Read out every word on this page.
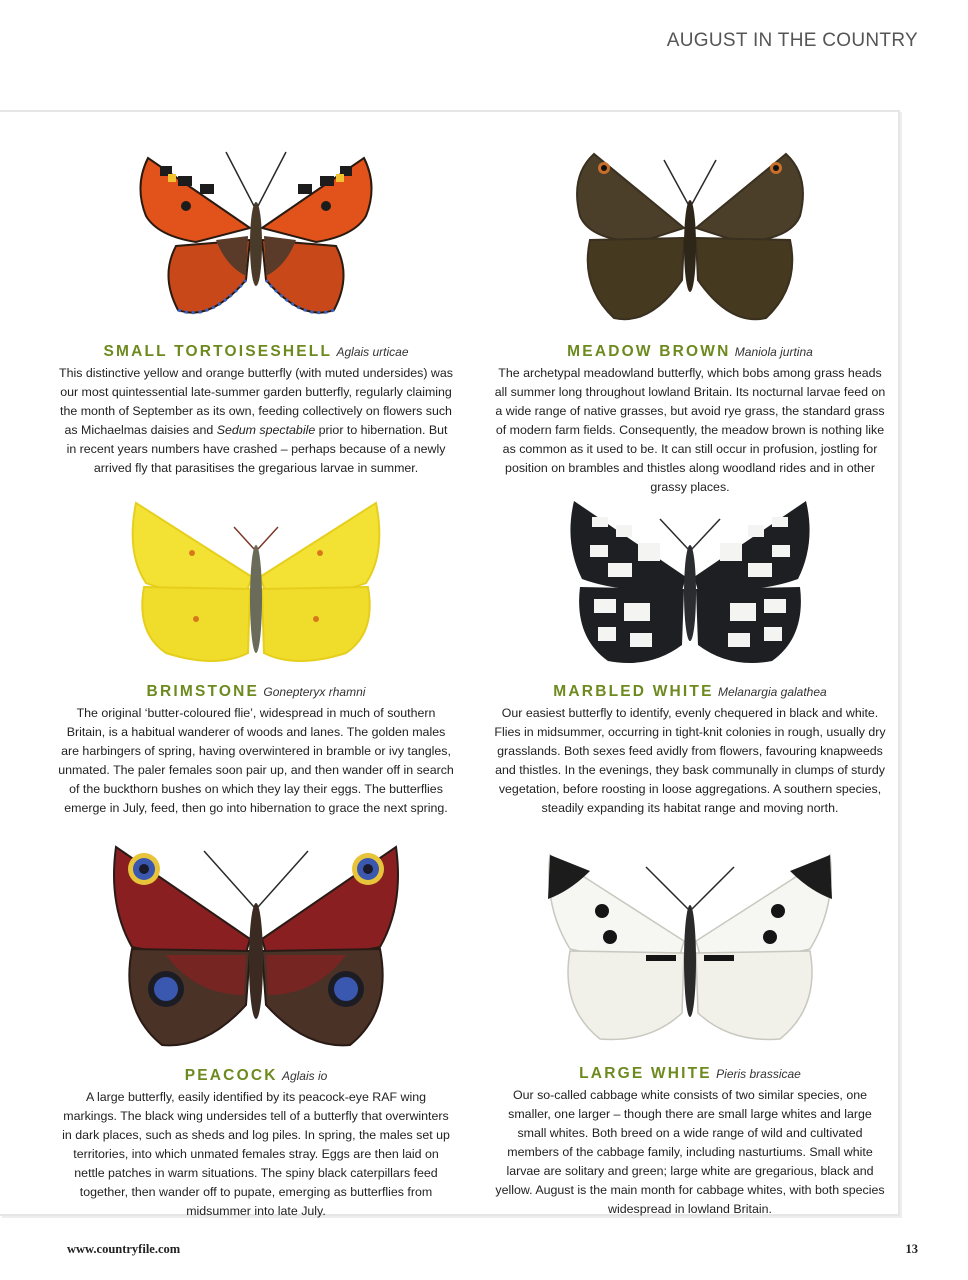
AUGUST IN THE COUNTRY
SMALL TORTOISESHELL Aglais urticae

This distinctive yellow and orange butterfly (with muted undersides) was our most quintessential late-summer garden butterfly, regularly claiming the month of September as its own, feeding collectively on flowers such as Michaelmas daisies and Sedum spectabile prior to hibernation. But in recent years numbers have crashed – perhaps because of a newly arrived fly that parasitises the gregarious larvae in summer.

MEADOW BROWN Maniola jurtina

The archetypal meadowland butterfly, which bobs among grass heads all summer long throughout lowland Britain. Its nocturnal larvae feed on a wide range of native grasses, but avoid rye grass, the standard grass of modern farm fields. Consequently, the meadow brown is nothing like as common as it used to be. It can still occur in profusion, jostling for position on brambles and thistles along woodland rides and in other grassy places.

BRIMSTONE Gonepteryx rhamni

The original ‘butter-coloured flie’, widespread in much of southern Britain, is a habitual wanderer of woods and lanes. The golden males are harbingers of spring, having overwintered in bramble or ivy tangles, unmated. The paler females soon pair up, and then wander off in search of the buckthorn bushes on which they lay their eggs. The butterflies emerge in July, feed, then go into hibernation to grace the next spring.

MARBLED WHITE Melanargia galathea

Our easiest butterfly to identify, evenly chequered in black and white. Flies in midsummer, occurring in tight-knit colonies in rough, usually dry grasslands. Both sexes feed avidly from flowers, favouring knapweeds and thistles. In the evenings, they bask communally in clumps of sturdy vegetation, before roosting in loose aggregations. A southern species, steadily expanding its habitat range and moving north.

PEACOCK Aglais io

A large butterfly, easily identified by its peacock-eye RAF wing markings. The black wing undersides tell of a butterfly that overwinters in dark places, such as sheds and log piles. In spring, the males set up territories, into which unmated females stray. Eggs are then laid on nettle patches in warm situations. The spiny black caterpillars feed together, then wander off to pupate, emerging as butterflies from midsummer into late July.

LARGE WHITE Pieris brassicae

Our so-called cabbage white consists of two similar species, one smaller, one larger – though there are small large whites and large small whites. Both breed on a wide range of wild and cultivated members of the cabbage family, including nasturtiums. Small white larvae are solitary and green; large white are gregarious, black and yellow. August is the main month for cabbage whites, with both species widespread in lowland Britain.

www.countryfile.com	13
